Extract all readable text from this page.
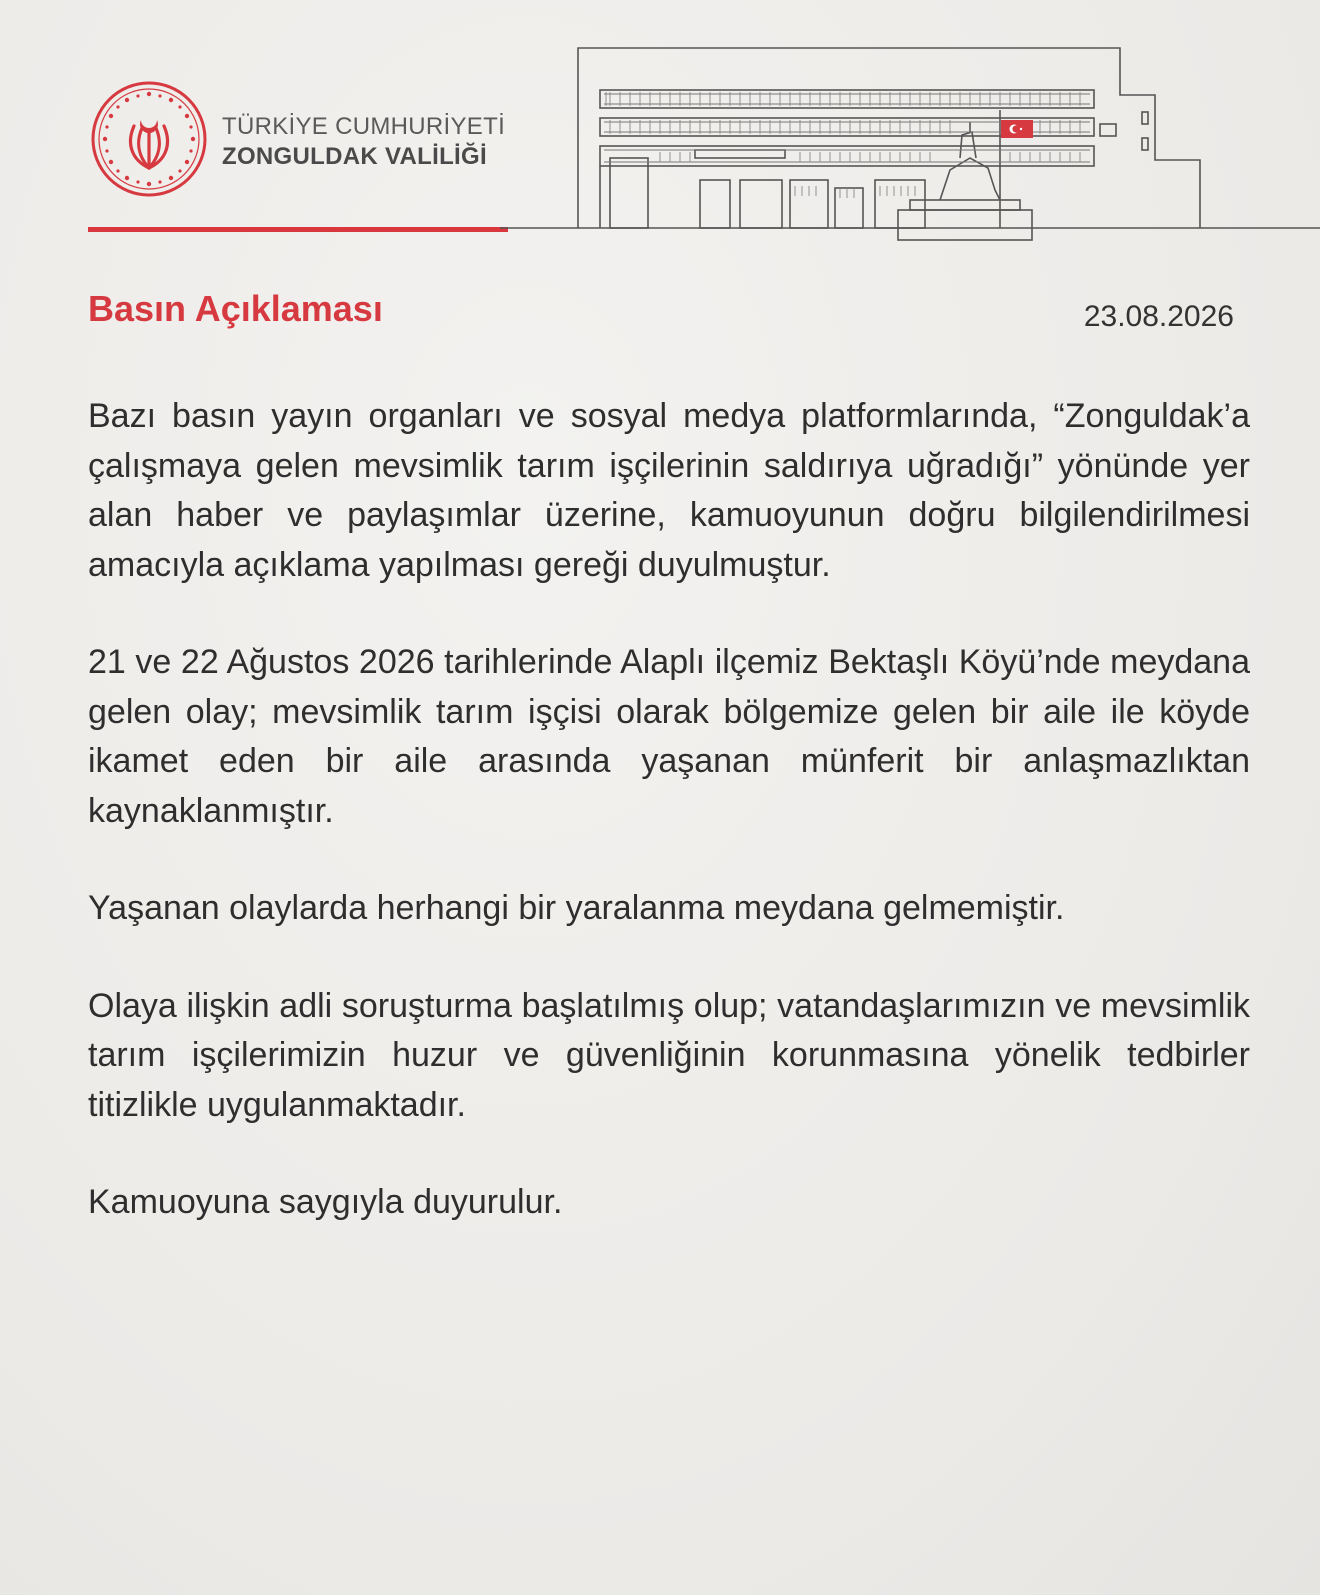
TÜRKİYE CUMHURİYETİ
ZONGULDAK VALİLİĞİ
Basın Açıklaması	23.08.2026

Bazı basın yayın organları ve sosyal medya platformlarında, “Zonguldak’a çalışmaya gelen mevsimlik tarım işçilerinin saldırıya uğradığı” yönünde yer alan haber ve paylaşımlar üzerine, kamuoyunun doğru bilgilendirilmesi amacıyla açıklama yapılması gereği duyulmuştur.

21 ve 22 Ağustos 2026 tarihlerinde Alaplı ilçemiz Bektaşlı Köyü’nde meydana gelen olay; mevsimlik tarım işçisi olarak bölgemize gelen bir aile ile köyde ikamet eden bir aile arasında yaşanan münferit bir anlaşmazlıktan kaynaklanmıştır.

Yaşanan olaylarda herhangi bir yaralanma meydana gelmemiştir.

Olaya ilişkin adli soruşturma başlatılmış olup; vatandaşlarımızın ve mevsimlik tarım işçilerimizin huzur ve güvenliğinin korunmasına yönelik tedbirler titizlikle uygulanmaktadır.

Kamuoyuna saygıyla duyurulur.
